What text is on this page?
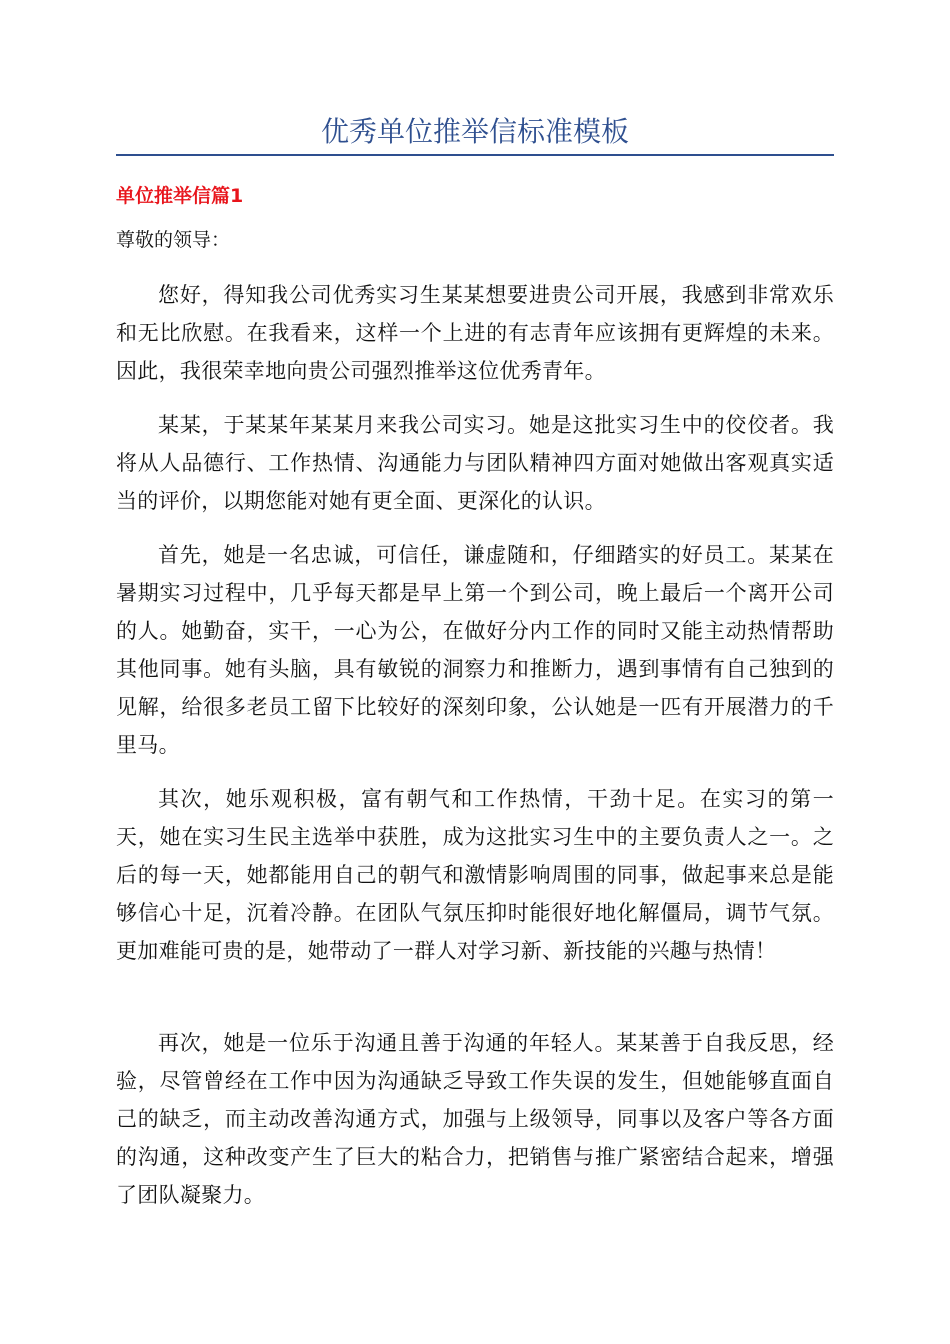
优秀单位推举信标准模板
单位推举信篇1

尊敬的领导：

您好，得知我公司优秀实习生某某想要进贵公司开展，我感到非常欢乐和无比欣慰。在我看来，这样一个上进的有志青年应该拥有更辉煌的未来。因此，我很荣幸地向贵公司强烈推举这位优秀青年。

某某，于某某年某某月来我公司实习。她是这批实习生中的佼佼者。我将从人品德行、工作热情、沟通能力与团队精神四方面对她做出客观真实适当的评价，以期您能对她有更全面、更深化的认识。

首先，她是一名忠诚，可信任，谦虚随和，仔细踏实的好员工。某某在暑期实习过程中，几乎每天都是早上第一个到公司，晚上最后一个离开公司的人。她勤奋，实干，一心为公，在做好分内工作的同时又能主动热情帮助其他同事。她有头脑，具有敏锐的洞察力和推断力，遇到事情有自己独到的见解，给很多老员工留下比较好的深刻印象，公认她是一匹有开展潜力的千里马。

其次，她乐观积极，富有朝气和工作热情，干劲十足。在实习的第一天，她在实习生民主选举中获胜，成为这批实习生中的主要负责人之一。之后的每一天，她都能用自己的朝气和激情影响周围的同事，做起事来总是能够信心十足，沉着冷静。在团队气氛压抑时能很好地化解僵局，调节气氛。更加难能可贵的是，她带动了一群人对学习新、新技能的兴趣与热情！

再次，她是一位乐于沟通且善于沟通的年轻人。某某善于自我反思，经验，尽管曾经在工作中因为沟通缺乏导致工作失误的发生，但她能够直面自己的缺乏，而主动改善沟通方式，加强与上级领导，同事以及客户等各方面的沟通，这种改变产生了巨大的粘合力，把销售与推广紧密结合起来，增强了团队凝聚力。
